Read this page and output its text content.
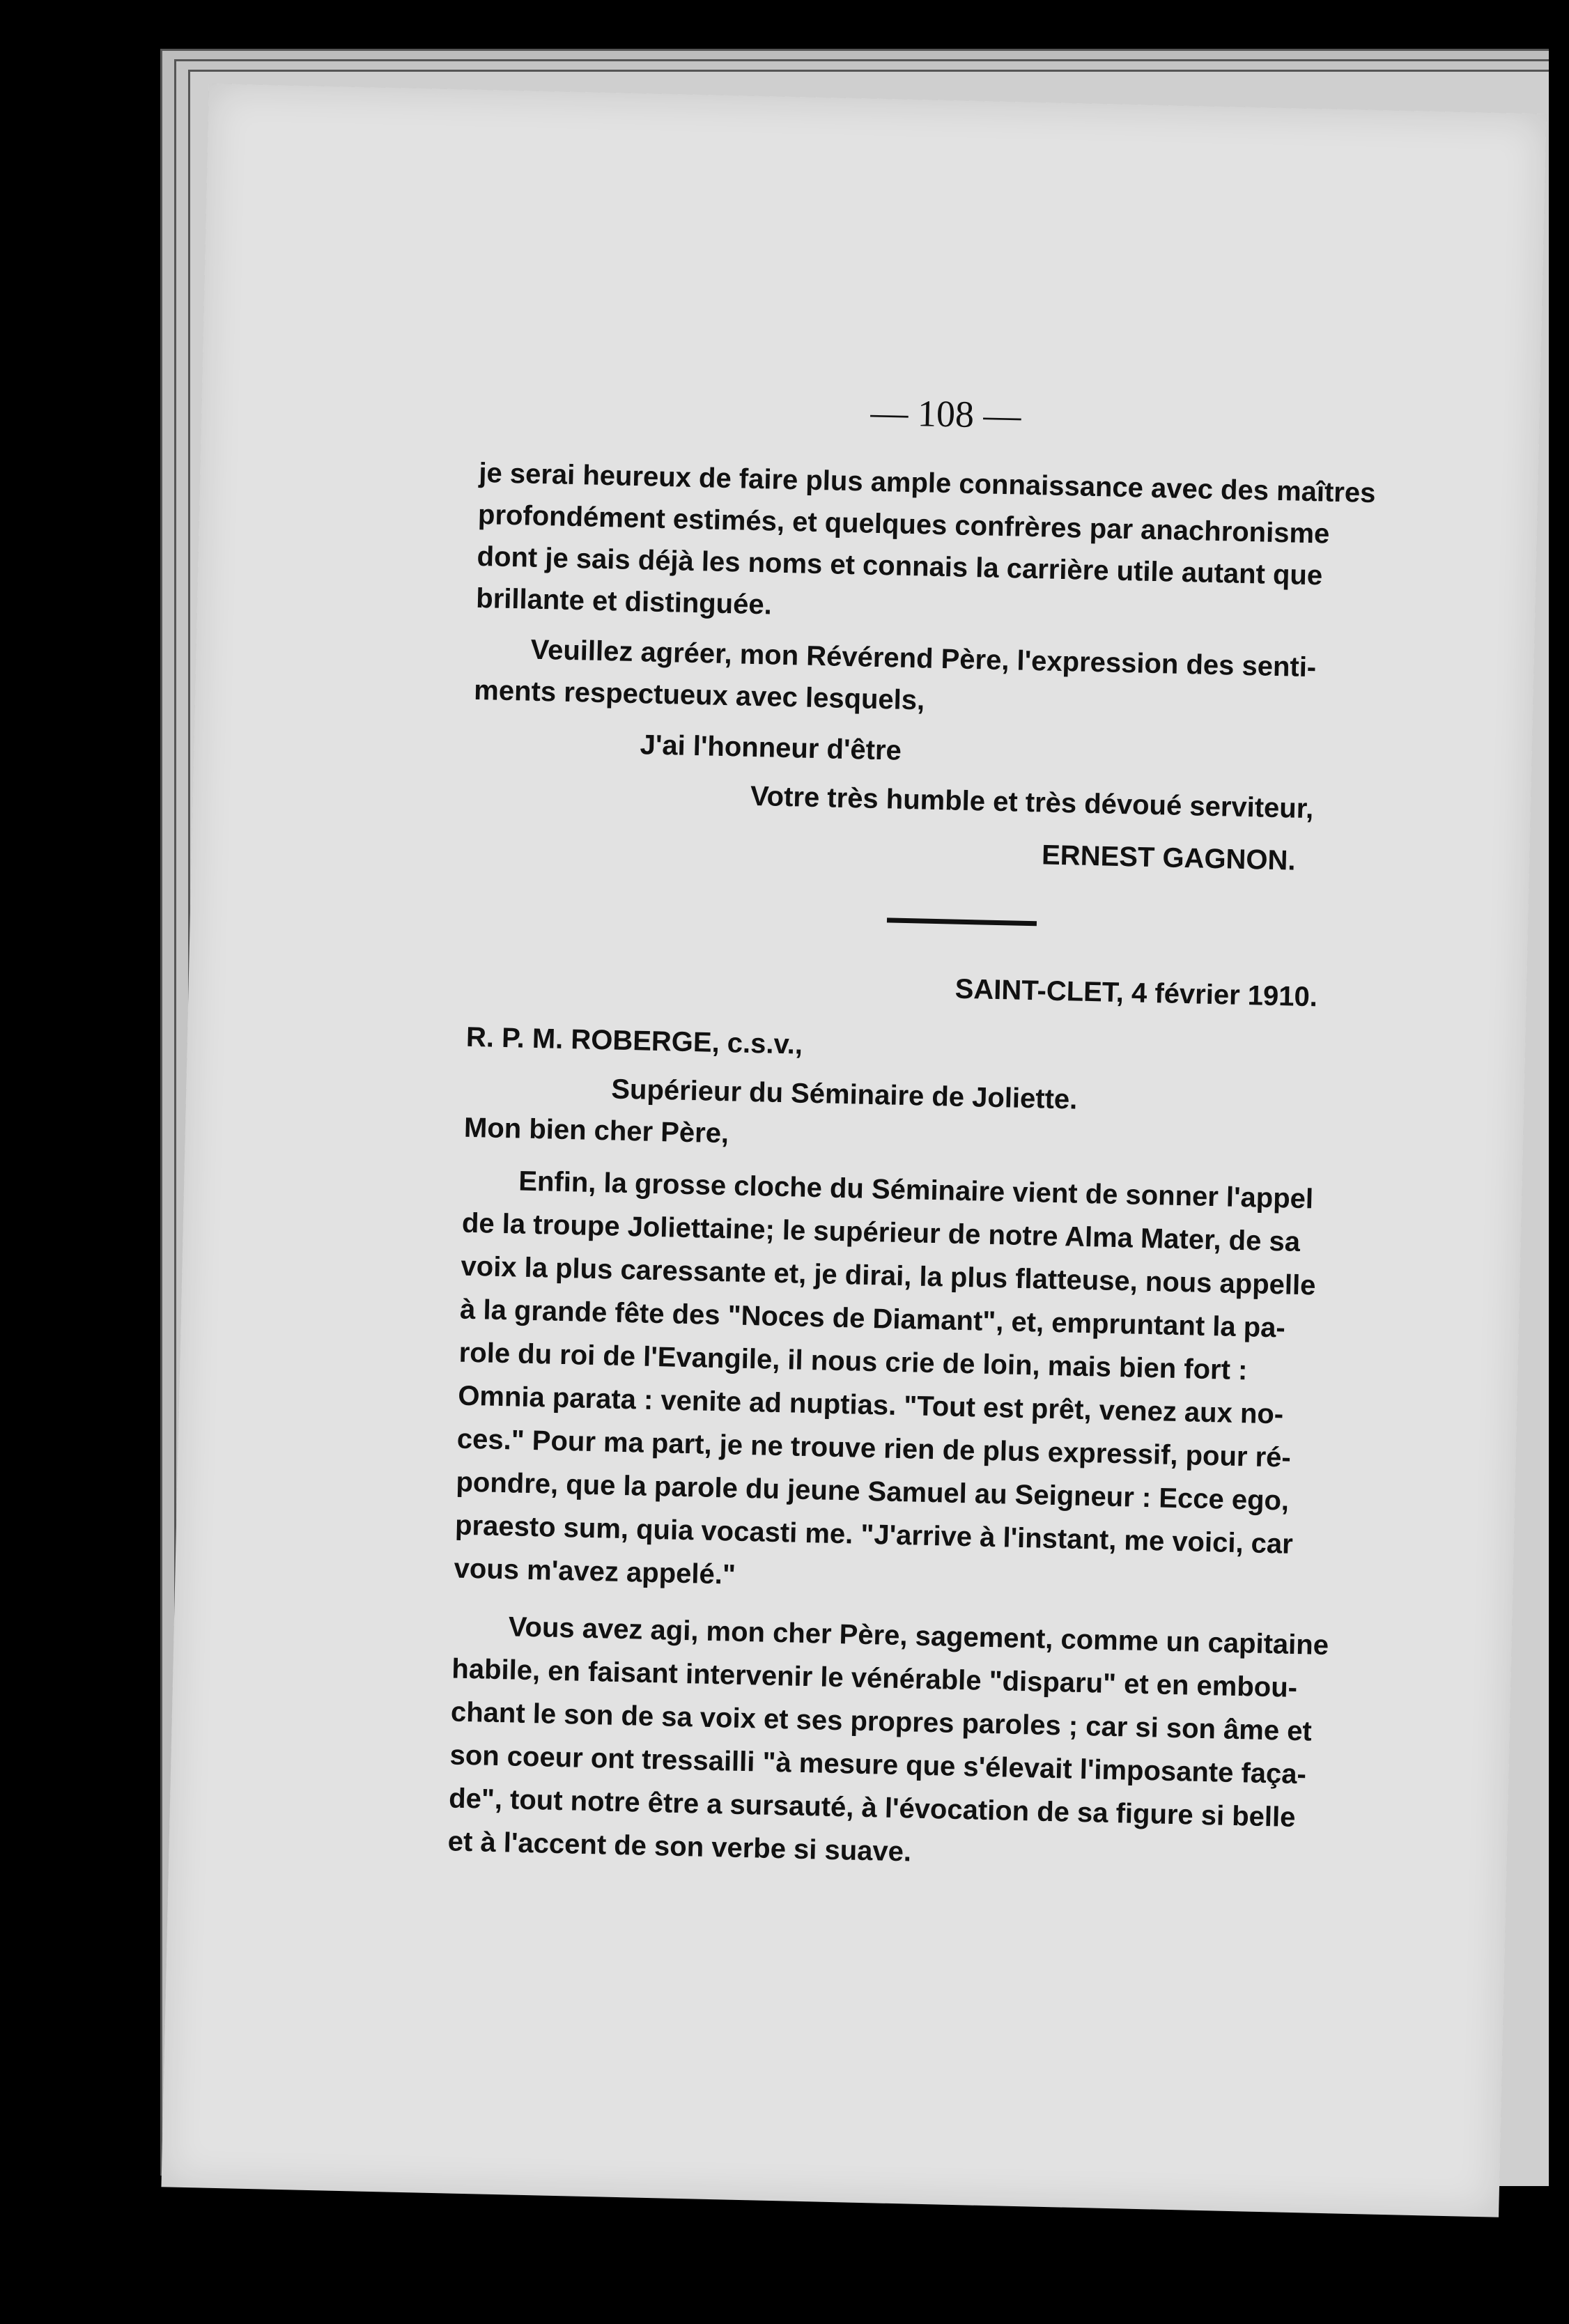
— 108 —
je serai heureux de faire plus ample connaissance avec des maîtres
profondément estimés, et quelques confrères par anachronisme
dont je sais déjà les noms et connais la carrière utile autant que
brillante et distinguée.
Veuillez agréer, mon Révérend Père, l'expression des senti-
ments respectueux avec lesquels,
J'ai l'honneur d'être
Votre très humble et très dévoué serviteur,
ERNEST GAGNON.
SAINT-CLET, 4 février 1910.
R. P. M. ROBERGE, c.s.v.,
Supérieur du Séminaire de Joliette.
Mon bien cher Père,
Enfin, la grosse cloche du Séminaire vient de sonner l'appel
de la troupe Joliettaine; le supérieur de notre Alma Mater, de sa
voix la plus caressante et, je dirai, la plus flatteuse, nous appelle
à la grande fête des "Noces de Diamant", et, empruntant la pa-
role du roi de l'Evangile, il nous crie de loin, mais bien fort :
Omnia parata : venite ad nuptias. "Tout est prêt, venez aux no-
ces." Pour ma part, je ne trouve rien de plus expressif, pour ré-
pondre, que la parole du jeune Samuel au Seigneur : Ecce ego,
praesto sum, quia vocasti me. "J'arrive à l'instant, me voici, car
vous m'avez appelé."
Vous avez agi, mon cher Père, sagement, comme un capitaine
habile, en faisant intervenir le vénérable "disparu" et en embou-
chant le son de sa voix et ses propres paroles ; car si son âme et
son coeur ont tressailli "à mesure que s'élevait l'imposante faça-
de", tout notre être a sursauté, à l'évocation de sa figure si belle
et à l'accent de son verbe si suave.
